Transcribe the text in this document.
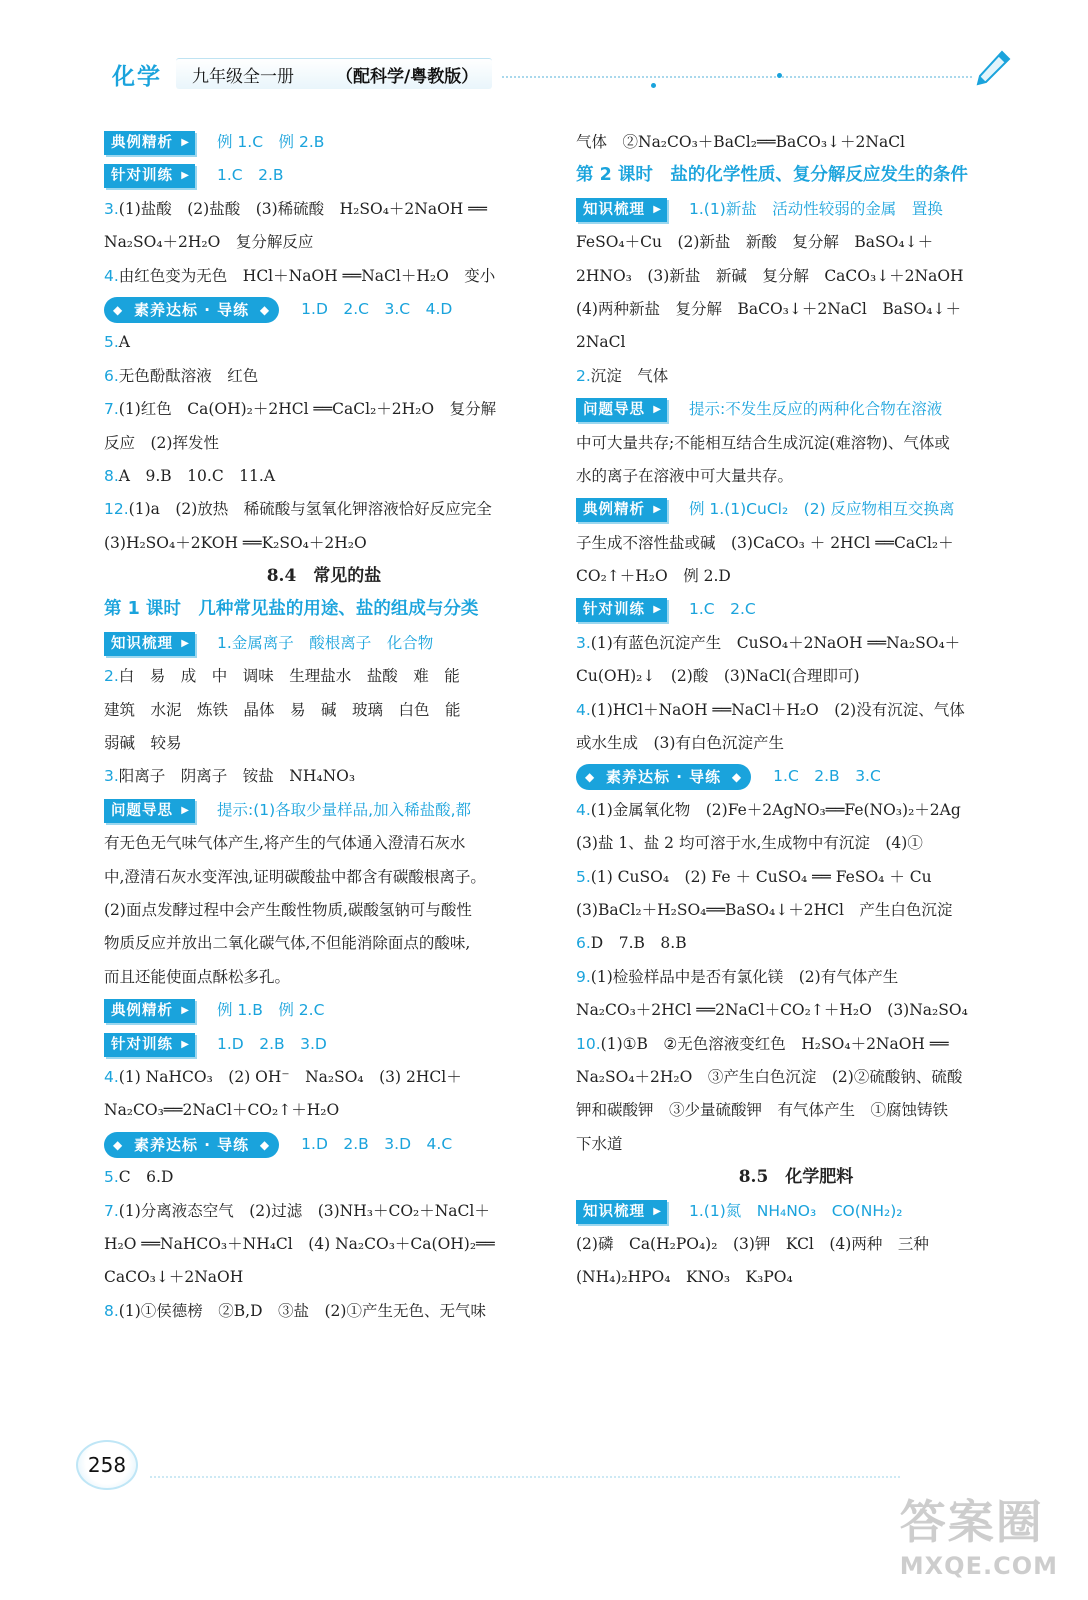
化学 九年级全一册 （配科学/粤教版）
典例精析 ▶	例 1.C　例 2.B
针对训练 ▶	1.C　2.B
3.(1)盐酸　(2)盐酸　(3)稀硫酸　H₂SO₄＋2NaOH ══
Na₂SO₄＋2H₂O　复分解反应
4.由红色变为无色　HCl＋NaOH ══NaCl＋H₂O　变小
◆ 素养达标 · 导练 ◆	1.D　2.C　3.C　4.D
5.A
6.无色酚酞溶液　红色
7.(1)红色　Ca(OH)₂＋2HCl ══CaCl₂＋2H₂O　复分解
反应　(2)挥发性
8.A　9.B　10.C　11.A
12.(1)a　(2)放热　稀硫酸与氢氧化钾溶液恰好反应完全
(3)H₂SO₄＋2KOH ══K₂SO₄＋2H₂O
8.4　常见的盐
第 1 课时　几种常见盐的用途、盐的组成与分类
知识梳理 ▶	1.金属离子　酸根离子　化合物
2.白　易　成　中　调味　生理盐水　盐酸　难　能
建筑　水泥　炼铁　晶体　易　碱　玻璃　白色　能
弱碱　较易
3.阳离子　阴离子　铵盐　NH₄NO₃
问题导思 ▶	提示:(1)各取少量样品,加入稀盐酸,都
有无色无气味气体产生,将产生的气体通入澄清石灰水
中,澄清石灰水变浑浊,证明碳酸盐中都含有碳酸根离子。
(2)面点发酵过程中会产生酸性物质,碳酸氢钠可与酸性
物质反应并放出二氧化碳气体,不但能消除面点的酸味,
而且还能使面点酥松多孔。
典例精析 ▶	例 1.B　例 2.C
针对训练 ▶	1.D　2.B　3.D
4.(1) NaHCO₃　(2) OH⁻　Na₂SO₄　(3) 2HCl＋
Na₂CO₃══2NaCl＋CO₂↑＋H₂O
◆ 素养达标 · 导练 ◆	1.D　2.B　3.D　4.C
5.C　6.D
7.(1)分离液态空气　(2)过滤　(3)NH₃＋CO₂＋NaCl＋
H₂O ══NaHCO₃＋NH₄Cl　(4) Na₂CO₃＋Ca(OH)₂══
CaCO₃↓＋2NaOH
8.(1)①侯德榜　②B,D　③盐　(2)①产生无色、无气味
气体　②Na₂CO₃＋BaCl₂══BaCO₃↓＋2NaCl
第 2 课时　盐的化学性质、复分解反应发生的条件
知识梳理 ▶	1.(1)新盐　活动性较弱的金属　置换
FeSO₄＋Cu　(2)新盐　新酸　复分解　BaSO₄↓＋
2HNO₃　(3)新盐　新碱　复分解　CaCO₃↓＋2NaOH
(4)两种新盐　复分解　BaCO₃↓＋2NaCl　BaSO₄↓＋
2NaCl
2.沉淀　气体
问题导思 ▶	提示:不发生反应的两种化合物在溶液
中可大量共存;不能相互结合生成沉淀(难溶物)、气体或
水的离子在溶液中可大量共存。
典例精析 ▶	例 1.(1)CuCl₂　(2) 反应物相互交换离
子生成不溶性盐或碱　(3)CaCO₃ ＋ 2HCl ══CaCl₂＋
CO₂↑＋H₂O　例 2.D
针对训练 ▶	1.C　2.C
3.(1)有蓝色沉淀产生　CuSO₄＋2NaOH ══Na₂SO₄＋
Cu(OH)₂↓　(2)酸　(3)NaCl(合理即可)
4.(1)HCl＋NaOH ══NaCl＋H₂O　(2)没有沉淀、气体
或水生成　(3)有白色沉淀产生
◆ 素养达标 · 导练 ◆	1.C　2.B　3.C
4.(1)金属氧化物　(2)Fe＋2AgNO₃══Fe(NO₃)₂＋2Ag
(3)盐 1、盐 2 均可溶于水,生成物中有沉淀　(4)①
5.(1) CuSO₄　(2) Fe ＋ CuSO₄ ══ FeSO₄ ＋ Cu
(3)BaCl₂＋H₂SO₄══BaSO₄↓＋2HCl　产生白色沉淀
6.D　7.B　8.B
9.(1)检验样品中是否有氯化镁　(2)有气体产生
Na₂CO₃＋2HCl ══2NaCl＋CO₂↑＋H₂O　(3)Na₂SO₄
10.(1)①B　②无色溶液变红色　H₂SO₄＋2NaOH ══
Na₂SO₄＋2H₂O　③产生白色沉淀　(2)②硫酸钠、硫酸
钾和碳酸钾　③少量硫酸钾　有气体产生　①腐蚀铸铁
下水道
8.5　化学肥料
知识梳理 ▶	1.(1)氮　NH₄NO₃　CO(NH₂)₂
(2)磷　Ca(H₂PO₄)₂　(3)钾　KCl　(4)两种　三种
(NH₄)₂HPO₄　KNO₃　K₃PO₄
258
答案圈
MXQE.COM
